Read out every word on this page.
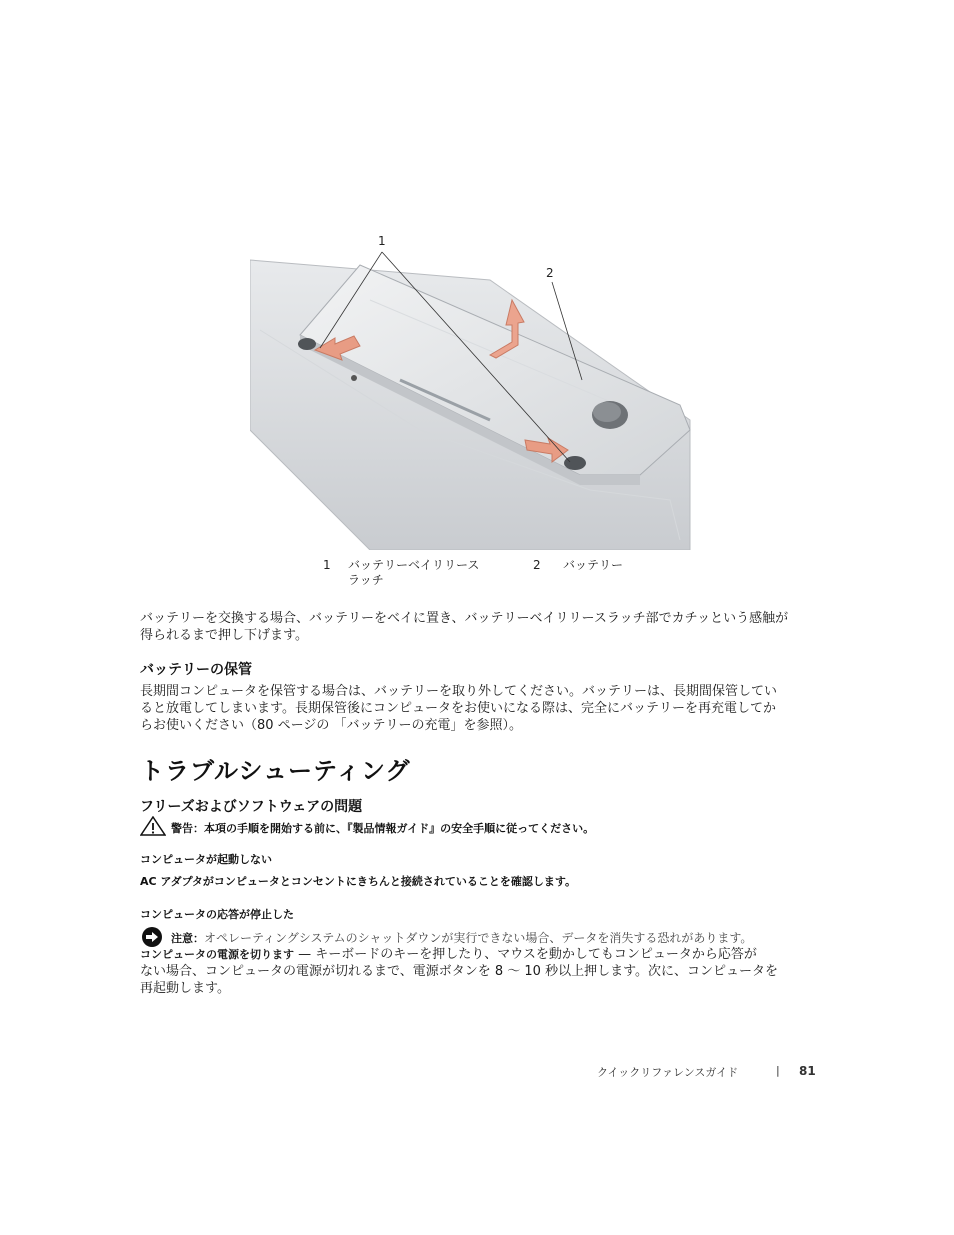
1
2
1 バッテリーベイリリース
ラッチ
2 バッテリー
バッテリーを交換する場合、バッテリーをベイに置き、バッテリーベイリリースラッチ部でカチッという感触が
得られるまで押し下げます。
バッテリーの保管
長期間コンピュータを保管する場合は、バッテリーを取り外してください。バッテリーは、長期間保管してい
ると放電してしまいます。長期保管後にコンピュータをお使いになる際は、完全にバッテリーを再充電してか
らお使いください（80 ページの 「バッテリーの充電」を参照）。
トラブルシューティング
フリーズおよびソフトウェアの問題
警告：本項の手順を開始する前に、『製品情報ガイド』の安全手順に従ってください。
コンピュータが起動しない
AC アダプタがコンピュータとコンセントにきちんと接続されていることを確認します。
コンピュータの応答が停止した
注意：オペレーティングシステムのシャットダウンが実行できない場合、データを消失する恐れがあります。
コンピュータの電源を切ります — キーボードのキーを押したり、マウスを動かしてもコンピュータから応答が
ない場合、コンピュータの電源が切れるまで、電源ボタンを 8 ～ 10 秒以上押します。次に、コンピュータを
再起動します。
クイックリファレンスガイド	| 81
